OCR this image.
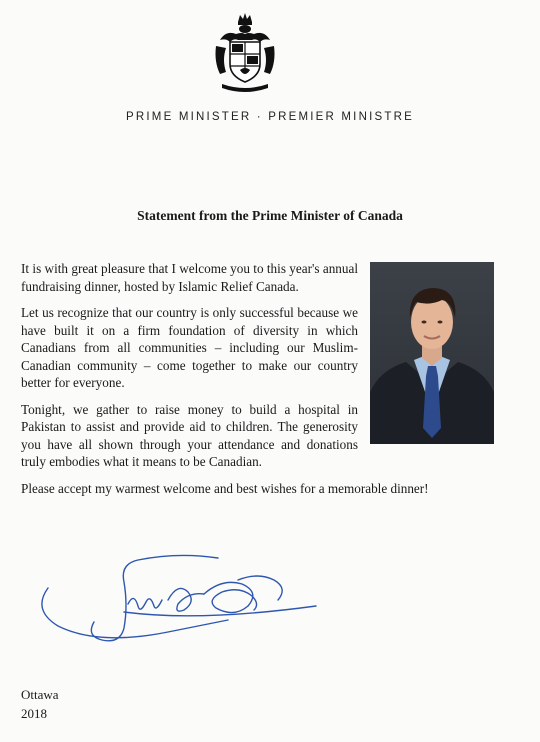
PRIME MINISTER · PREMIER MINISTRE
Statement from the Prime Minister of Canada

It is with great pleasure that I welcome you to this year's annual fundraising dinner, hosted by Islamic Relief Canada.

Let us recognize that our country is only successful because we have built it on a firm foundation of diversity in which Canadians from all communities – including our Muslim-Canadian community – come together to make our country better for everyone.

Tonight, we gather to raise money to build a hospital in Pakistan to assist and provide aid to children. The generosity you have all shown through your attendance and donations truly embodies what it means to be Canadian.

Please accept my warmest welcome and best wishes for a memorable dinner!

Ottawa
2018
